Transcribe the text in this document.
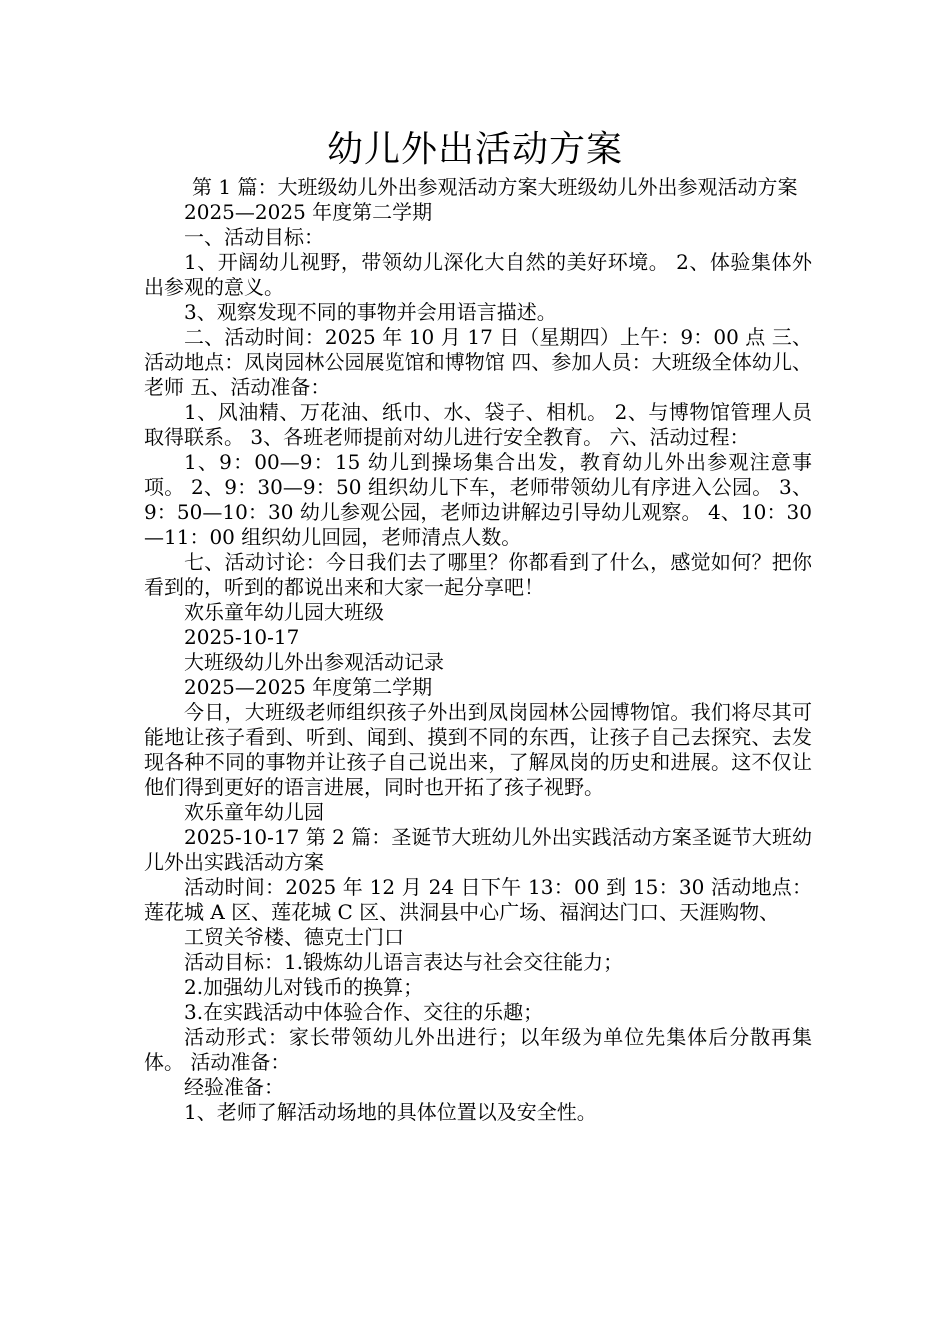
幼儿外出活动方案

第 1 篇：大班级幼儿外出参观活动方案大班级幼儿外出参观活动方案

2025—2025 年度第二学期

一、活动目标：

1、开阔幼儿视野，带领幼儿深化大自然的美好环境。 2、体验集体外出参观的意义。

3、观察发现不同的事物并会用语言描述。

二、活动时间：2025 年 10 月 17 日（星期四）上午：9：00 点 三、活动地点：凤岗园林公园展览馆和博物馆 四、参加人员：大班级全体幼儿、老师 五、活动准备：

1、风油精、万花油、纸巾、水、袋子、相机。 2、与博物馆管理人员取得联系。 3、各班老师提前对幼儿进行安全教育。 六、活动过程：

1、9：00—9：15 幼儿到操场集合出发，教育幼儿外出参观注意事项。 2、9：30—9：50 组织幼儿下车，老师带领幼儿有序进入公园。 3、9：50—10：30 幼儿参观公园，老师边讲解边引导幼儿观察。 4、10：30—11：00 组织幼儿回园，老师清点人数。

七、活动讨论：今日我们去了哪里？你都看到了什么，感觉如何？把你看到的，听到的都说出来和大家一起分享吧！

欢乐童年幼儿园大班级

2025-10-17

大班级幼儿外出参观活动记录

2025—2025 年度第二学期

今日，大班级老师组织孩子外出到凤岗园林公园博物馆。我们将尽其可能地让孩子看到、听到、闻到、摸到不同的东西，让孩子自己去探究、去发现各种不同的事物并让孩子自己说出来，了解凤岗的历史和进展。这不仅让他们得到更好的语言进展，同时也开拓了孩子视野。

欢乐童年幼儿园

2025-10-17 第 2 篇：圣诞节大班幼儿外出实践活动方案圣诞节大班幼儿外出实践活动方案

活动时间：2025 年 12 月 24 日下午 13：00 到 15：30 活动地点：莲花城 A 区、莲花城 C 区、洪洞县中心广场、福润达门口、天涯购物、

工贸关爷楼、德克士门口

活动目标：1.锻炼幼儿语言表达与社会交往能力；

2.加强幼儿对钱币的换算；

3.在实践活动中体验合作、交往的乐趣；

活动形式：家长带领幼儿外出进行；以年级为单位先集体后分散再集体。 活动准备：

经验准备：

1、老师了解活动场地的具体位置以及安全性。
